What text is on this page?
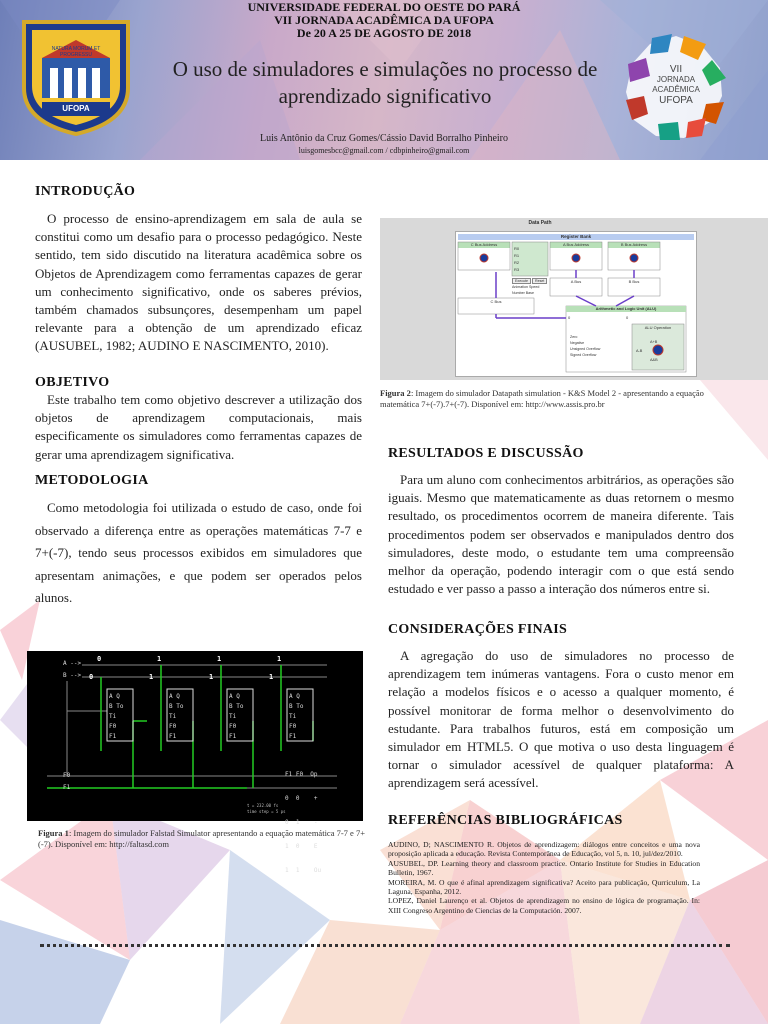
UNIVERSIDADE FEDERAL DO OESTE DO PARÁ
VII JORNADA ACADÊMICA DA UFOPA
De 20 A 25 DE AGOSTO DE 2018
UFOPA
NATURA MORUM ET PROGRESSU
O uso de simuladores e simulações no processo de aprendizado significativo
VII
JORNADA
ACADÊMICA
UFOPA
Luis Antônio da Cruz Gomes/Cássio David Borralho Pinheiro
luisgomesbcc@gmail.com / cdbpinheiro@gmail.com
INTRODUÇÃO
O processo de ensino-aprendizagem em sala de aula se constitui como um desafio para o processo pedagógico. Neste sentido, tem sido discutido na literatura acadêmica sobre os Objetos de Aprendizagem como ferramentas capazes de gerar um conhecimento significativo, onde os saberes prévios, também chamados subsunçores, desempenham um papel relevante para a obtenção de um aprendizado eficaz (AUSUBEL, 1982; AUDINO E NASCIMENTO, 2010).
OBJETIVO
Este trabalho tem como objetivo descrever a utilização dos objetos de aprendizagem computacionais, mais especificamente os simuladores como ferramentas capazes de gerar uma aprendizagem significativa.
METODOLOGIA
Como metodologia foi utilizada o estudo de caso, onde foi observado a diferença entre as operações matemáticas 7-7 e 7+(-7), tendo seus processos exibidos em simuladores que apresentam animações, e que podem ser operados pelos alunos.
A Q
B To
Ti
F0
F1
A Q
B To
Ti
F0
F1
A Q
B To
Ti
F0
F1
A Q
B To
Ti
F0
F1
0	1	1	1
0	1	1	1
A -->
B -->
F0
F1

F1 F0  Op

0  0    +

0  1    -

1  0    E

1  1    Ou

t = 232.00 fs
time step = 5 ps
Figura 1: Imagem do simulador Falstad Simulator apresentando a equação matemática 7-7 e 7+(-7). Disponível em: http://faltasd.com
Data Path
Register Bank
C Bus Address	A Bus Address	B Bus Address
R0
R1
R2
R3
A Bus	B Bus
C Bus
Arithmetic and Logic Unit (ALU)
0	0
ALU Operation
A+B
A-B
A&B
Zero
Negative
Unsigned Overflow
Signed Overflow
Execute Reset
Animation Speed
Number Base
Figura 2: Imagem do simulador Datapath simulation - K&S Model 2 - apresentando a equação matemática 7+(-7).7+(-7). Disponível em: http://www.assis.pro.br
RESULTADOS E DISCUSSÃO
Para um aluno com conhecimentos arbitrários, as operações são iguais. Mesmo que matematicamente as duas retornem o mesmo resultado, os procedimentos ocorrem de maneira diferente. Tais procedimentos podem ser observados e manipulados dentro dos simuladores, deste modo, o estudante tem uma compreensão melhor da operação, podendo interagir com o que está sendo estudado e ver passo a passo a interação dos números entre si.
CONSIDERAÇÕES FINAIS
A agregação do uso de simuladores no processo de aprendizagem tem inúmeras vantagens. Fora o custo menor em relação a modelos físicos e o acesso a qualquer momento, é possível monitorar de forma melhor o desenvolvimento do estudante. Para trabalhos futuros, está em composição um simulador em HTML5. O que motiva o uso desta linguagem é tornar o simulador acessível de qualquer plataforma: A aprendizagem será acessível.
REFERÊNCIAS BIBLIOGRÁFICAS

AUDINO, D; NASCIMENTO R. Objetos de aprendizagem: diálogos entre conceitos e uma nova proposição aplicada a educação. Revista Contemporânea de Educação, vol 5, n. 10, jul/dez/2010.

AUSUBEL, DP. Learning theory and classroom practice. Ontario Institute for Studies in Education Bulletin, 1967.

MOREIRA, M. O que é afinal aprendizagem significativa? Aceito para publicação, Qurriculum, La Laguna, Espanha, 2012.

LOPEZ, Daniel Laurenço et al. Objetos de aprendizagem no ensino de lógica de programação. In: XIII Congreso Argentino de Ciencias de la Computación. 2007.
